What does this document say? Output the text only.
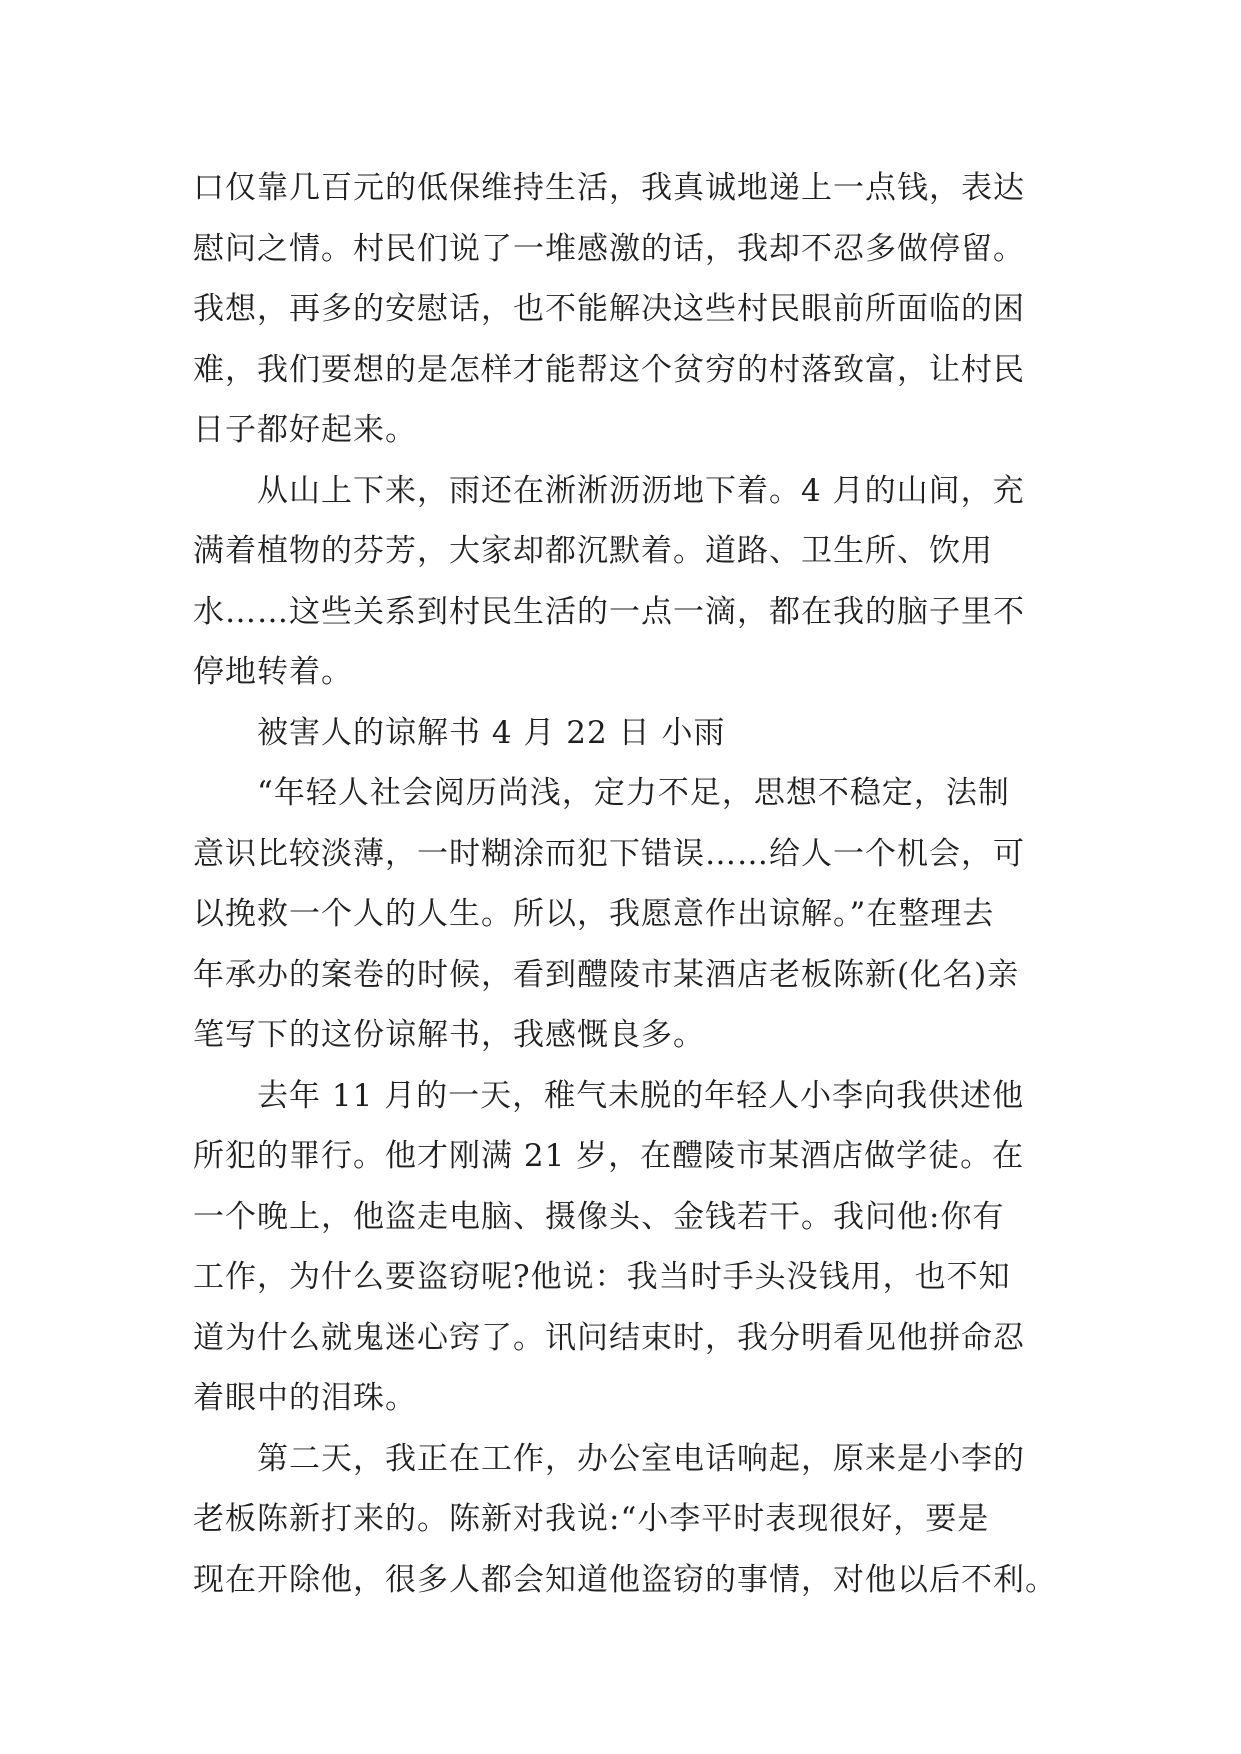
口仅靠几百元的低保维持生活，我真诚地递上一点钱，表达
慰问之情。村民们说了一堆感激的话，我却不忍多做停留。
我想，再多的安慰话，也不能解决这些村民眼前所面临的困
难，我们要想的是怎样才能帮这个贫穷的村落致富，让村民
日子都好起来。
从山上下来，雨还在淅淅沥沥地下着。4 月的山间，充
满着植物的芬芳，大家却都沉默着。道路、卫生所、饮用
水……这些关系到村民生活的一点一滴，都在我的脑子里不
停地转着。
被害人的谅解书 4 月 22 日 小雨
“年轻人社会阅历尚浅，定力不足，思想不稳定，法制
意识比较淡薄，一时糊涂而犯下错误……给人一个机会，可
以挽救一个人的人生。所以，我愿意作出谅解。”在整理去
年承办的案卷的时候，看到醴陵市某酒店老板陈新(化名)亲
笔写下的这份谅解书，我感慨良多。
去年 11 月的一天，稚气未脱的年轻人小李向我供述他
所犯的罪行。他才刚满 21 岁，在醴陵市某酒店做学徒。在
一个晚上，他盗走电脑、摄像头、金钱若干。我问他:你有
工作，为什么要盗窃呢?他说：我当时手头没钱用，也不知
道为什么就鬼迷心窍了。讯问结束时，我分明看见他拼命忍
着眼中的泪珠。
第二天，我正在工作，办公室电话响起，原来是小李的
老板陈新打来的。陈新对我说:“小李平时表现很好，要是
现在开除他，很多人都会知道他盗窃的事情，对他以后不利。
